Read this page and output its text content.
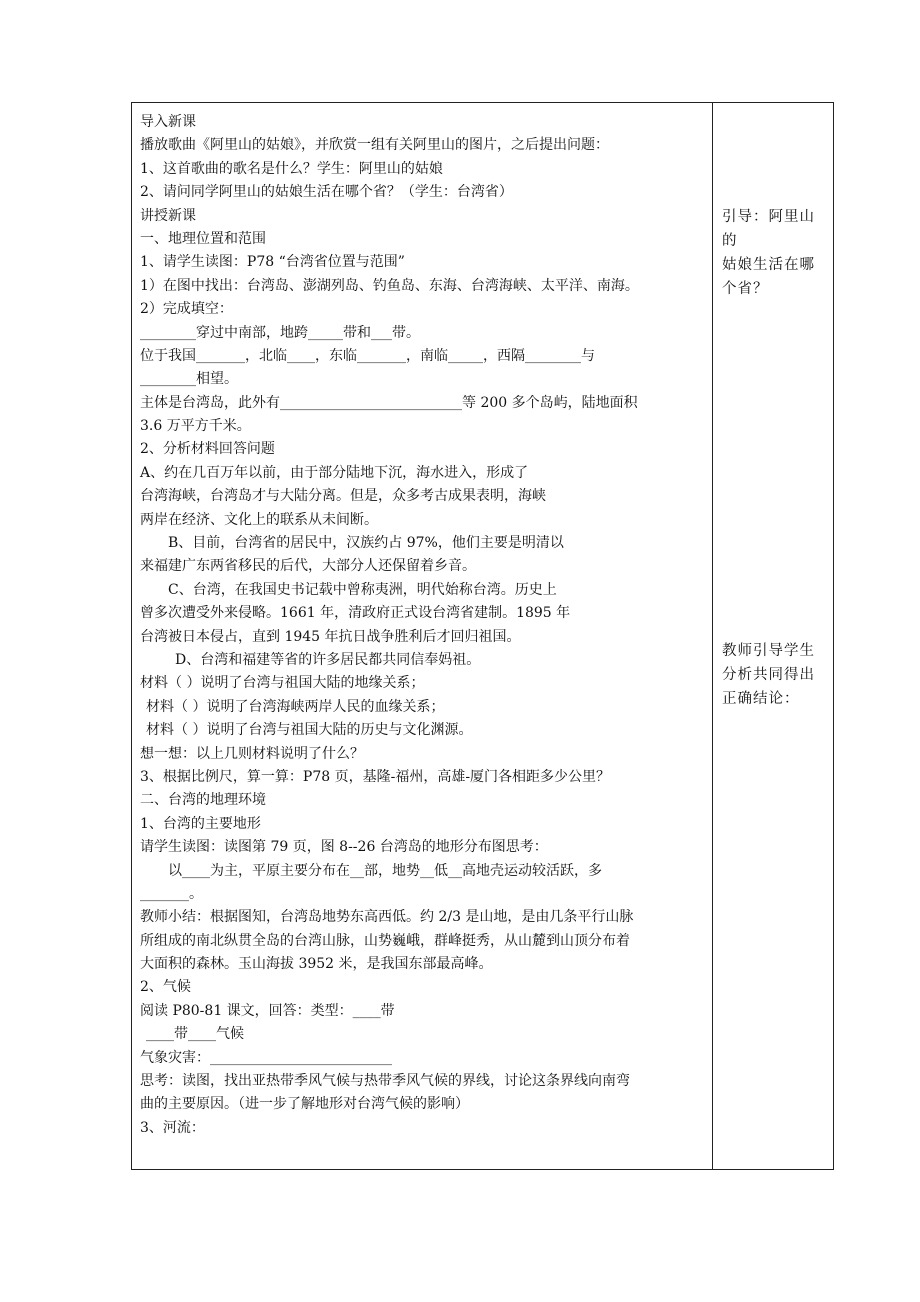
导入新课
播放歌曲《阿里山的姑娘》，并欣赏一组有关阿里山的图片，之后提出问题：
1、这首歌曲的歌名是什么？学生：阿里山的姑娘
2、请问同学阿里山的姑娘生活在哪个省？（学生：台湾省）
讲授新课
一、地理位置和范围
1、请学生读图：P78 “台湾省位置与范围”
1）在图中找出：台湾岛、澎湖列岛、钓鱼岛、东海、台湾海峡、太平洋、南海。
2）完成填空：
________穿过中南部，地跨_____带和___带。
位于我国_______，北临____，东临_______，南临_____，西隔________与
________相望。
主体是台湾岛，此外有__________________________等 200 多个岛屿，陆地面积
3.6 万平方千米。
2、分析材料回答问题
A、约在几百万年以前，由于部分陆地下沉，海水进入，形成了
台湾海峡，台湾岛才与大陆分离。但是，众多考古成果表明，海峡
两岸在经济、文化上的联系从未间断。
B、目前，台湾省的居民中，汉族约占 97%，他们主要是明清以
来福建广东两省移民的后代，大部分人还保留着乡音。
C、台湾，在我国史书记载中曾称夷洲，明代始称台湾。历史上
曾多次遭受外来侵略。1661 年，清政府正式设台湾省建制。1895 年
台湾被日本侵占，直到 1945 年抗日战争胜利后才回归祖国。
D、台湾和福建等省的许多居民都共同信奉妈祖。
材料（ ）说明了台湾与祖国大陆的地缘关系；
材料（ ）说明了台湾海峡两岸人民的血缘关系；
材料（ ）说明了台湾与祖国大陆的历史与文化渊源。
想一想：以上几则材料说明了什么？
3、根据比例尺，算一算：P78 页，基隆-福州，高雄-厦门各相距多少公里？
二、台湾的地理环境
1、台湾的主要地形
请学生读图：读图第 79 页，图 8--26 台湾岛的地形分布图思考：
以____为主，平原主要分布在__部，地势__低__高地壳运动较活跃，多
_______。
教师小结：根据图知，台湾岛地势东高西低。约 2/3 是山地，是由几条平行山脉
所组成的南北纵贯全岛的台湾山脉，山势巍峨，群峰挺秀，从山麓到山顶分布着
大面积的森林。玉山海拔 3952 米，是我国东部最高峰。
2、气候
阅读 P80-81 课文，回答：类型：____带
____带____气候
气象灾害：__________________________
思考：读图，找出亚热带季风气候与热带季风气候的界线，讨论这条界线向南弯
曲的主要原因。（进一步了解地形对台湾气候的影响）
3、河流：
引导：阿里山的
姑娘生活在哪
个省？
教师引导学生
分析共同得出
正确结论：
